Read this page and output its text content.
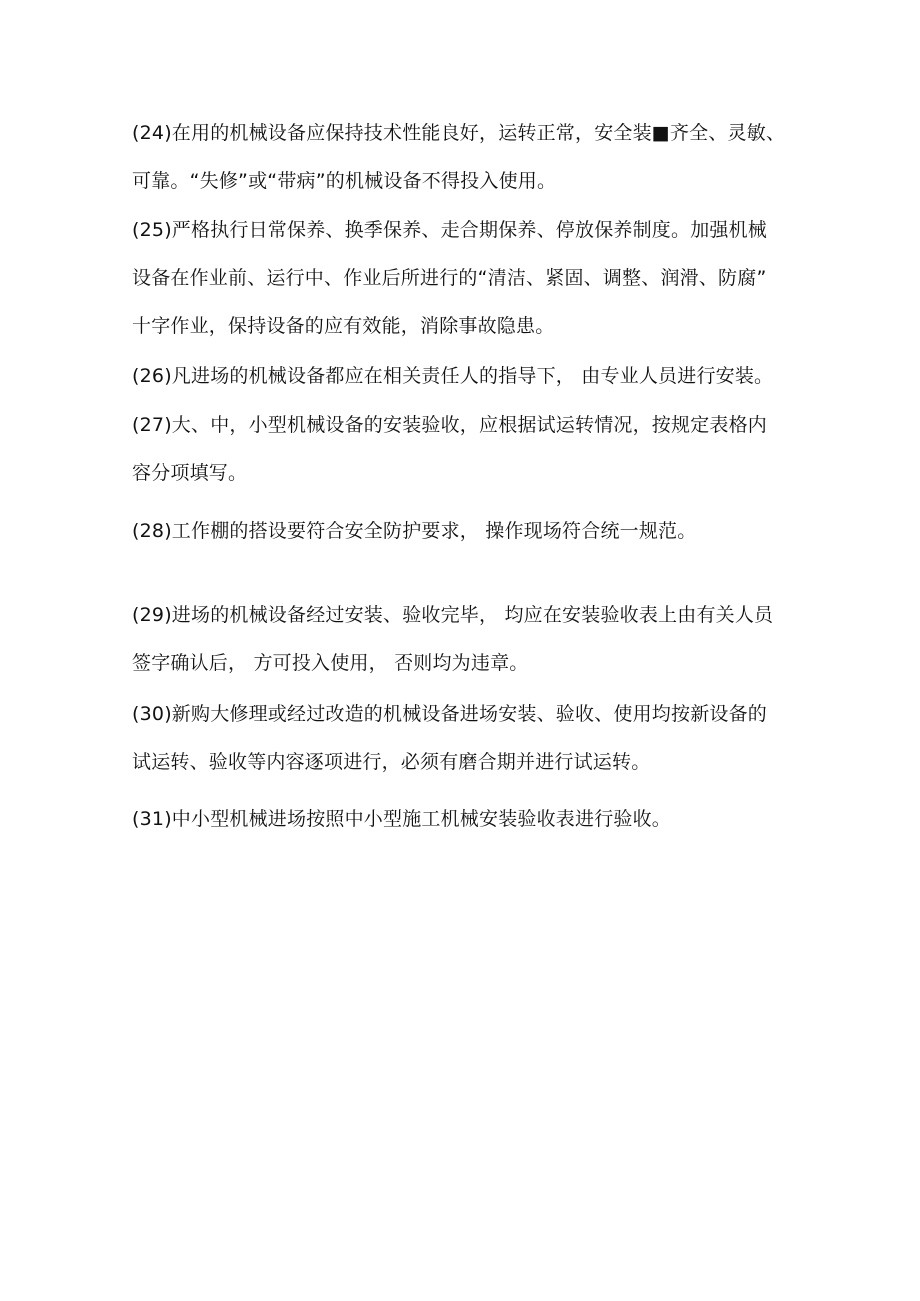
(24)在用的机械设备应保持技术性能良好，运转正常，安全装■齐全、灵敏、
可靠。“失修”或“带病”的机械设备不得投入使用。
(25)严格执行日常保养、换季保养、走合期保养、停放保养制度。加强机械
设备在作业前、运行中、作业后所进行的“清洁、紧固、调整、润滑、防腐”
十字作业，保持设备的应有效能，消除事故隐患。
(26)凡进场的机械设备都应在相关责任人的指导下， 由专业人员进行安装。
(27)大、中，小型机械设备的安装验收，应根据试运转情况，按规定表格内
容分项填写。
(28)工作棚的搭设要符合安全防护要求， 操作现场符合统一规范。
(29)进场的机械设备经过安装、验收完毕， 均应在安装验收表上由有关人员
签字确认后， 方可投入使用， 否则均为违章。
(30)新购大修理或经过改造的机械设备进场安装、验收、使用均按新设备的
试运转、验收等内容逐项进行，必须有磨合期并进行试运转。
(31)中小型机械进场按照中小型施工机械安装验收表进行验收。
